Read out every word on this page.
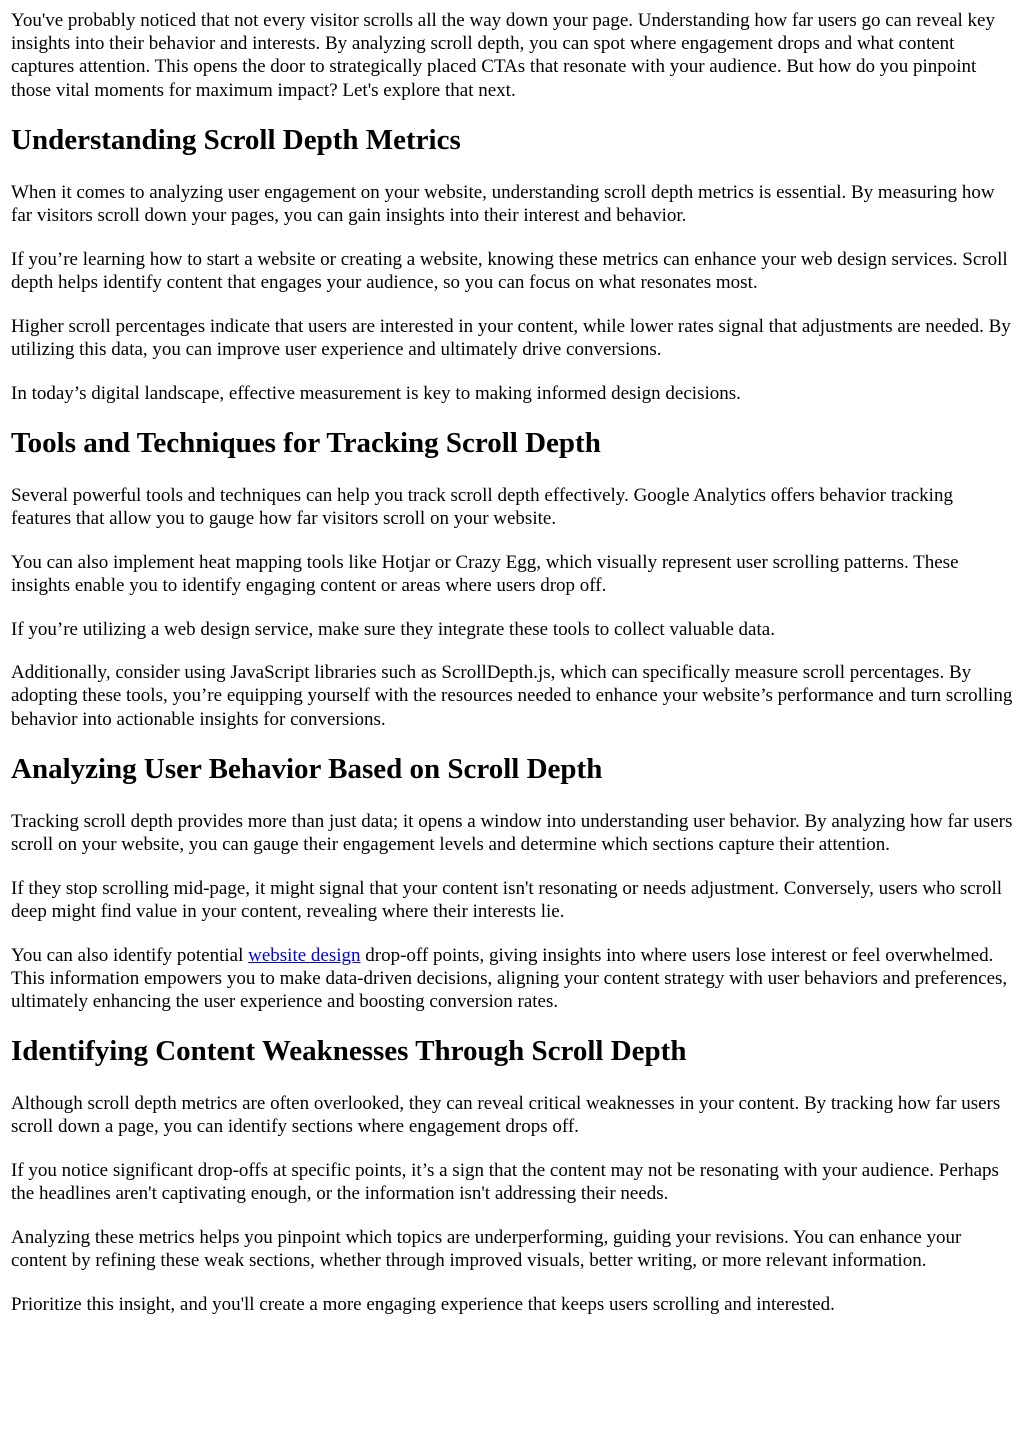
You've probably noticed that not every visitor scrolls all the way down your page. Understanding how far users go can reveal key insights into their behavior and interests. By analyzing scroll depth, you can spot where engagement drops and what content captures attention. This opens the door to strategically placed CTAs that resonate with your audience. But how do you pinpoint those vital moments for maximum impact? Let's explore that next.

Understanding Scroll Depth Metrics

When it comes to analyzing user engagement on your website, understanding scroll depth metrics is essential. By measuring how far visitors scroll down your pages, you can gain insights into their interest and behavior.

If you’re learning how to start a website or creating a website, knowing these metrics can enhance your web design services. Scroll depth helps identify content that engages your audience, so you can focus on what resonates most.

Higher scroll percentages indicate that users are interested in your content, while lower rates signal that adjustments are needed. By utilizing this data, you can improve user experience and ultimately drive conversions.

In today’s digital landscape, effective measurement is key to making informed design decisions.

Tools and Techniques for Tracking Scroll Depth

Several powerful tools and techniques can help you track scroll depth effectively. Google Analytics offers behavior tracking features that allow you to gauge how far visitors scroll on your website.

You can also implement heat mapping tools like Hotjar or Crazy Egg, which visually represent user scrolling patterns. These insights enable you to identify engaging content or areas where users drop off.

If you’re utilizing a web design service, make sure they integrate these tools to collect valuable data.

Additionally, consider using JavaScript libraries such as ScrollDepth.js, which can specifically measure scroll percentages. By adopting these tools, you’re equipping yourself with the resources needed to enhance your website’s performance and turn scrolling behavior into actionable insights for conversions.

Analyzing User Behavior Based on Scroll Depth

Tracking scroll depth provides more than just data; it opens a window into understanding user behavior. By analyzing how far users scroll on your website, you can gauge their engagement levels and determine which sections capture their attention.

If they stop scrolling mid-page, it might signal that your content isn't resonating or needs adjustment. Conversely, users who scroll deep might find value in your content, revealing where their interests lie.

You can also identify potential website design drop-off points, giving insights into where users lose interest or feel overwhelmed. This information empowers you to make data-driven decisions, aligning your content strategy with user behaviors and preferences, ultimately enhancing the user experience and boosting conversion rates.

Identifying Content Weaknesses Through Scroll Depth

Although scroll depth metrics are often overlooked, they can reveal critical weaknesses in your content. By tracking how far users scroll down a page, you can identify sections where engagement drops off.

If you notice significant drop-offs at specific points, it’s a sign that the content may not be resonating with your audience. Perhaps the headlines aren't captivating enough, or the information isn't addressing their needs.

Analyzing these metrics helps you pinpoint which topics are underperforming, guiding your revisions. You can enhance your content by refining these weak sections, whether through improved visuals, better writing, or more relevant information.

Prioritize this insight, and you'll create a more engaging experience that keeps users scrolling and interested.
